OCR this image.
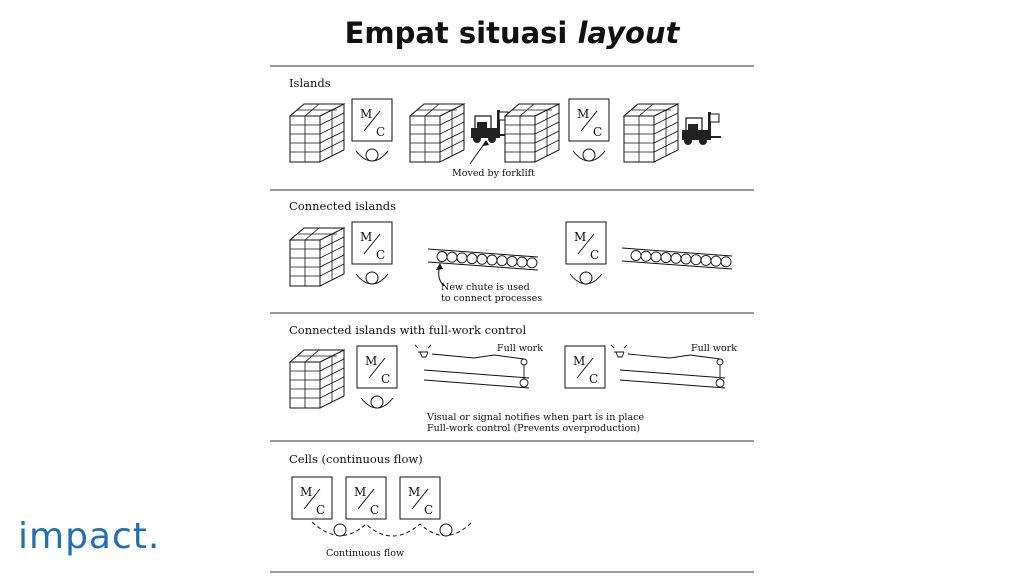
Empat situasi layout
Islands
M
C
Moved by forklift
M
C
Connected islands
M
C
New chute is used
to connect processes
M
C
Connected islands with full-work control
M
C
Full work
M
C
Full work
Visual or signal notifies when part is in place
Full-work control (Prevents overproduction)
Cells (continuous flow)
M
C
M
C
M
C
Continuous flow
impact.
